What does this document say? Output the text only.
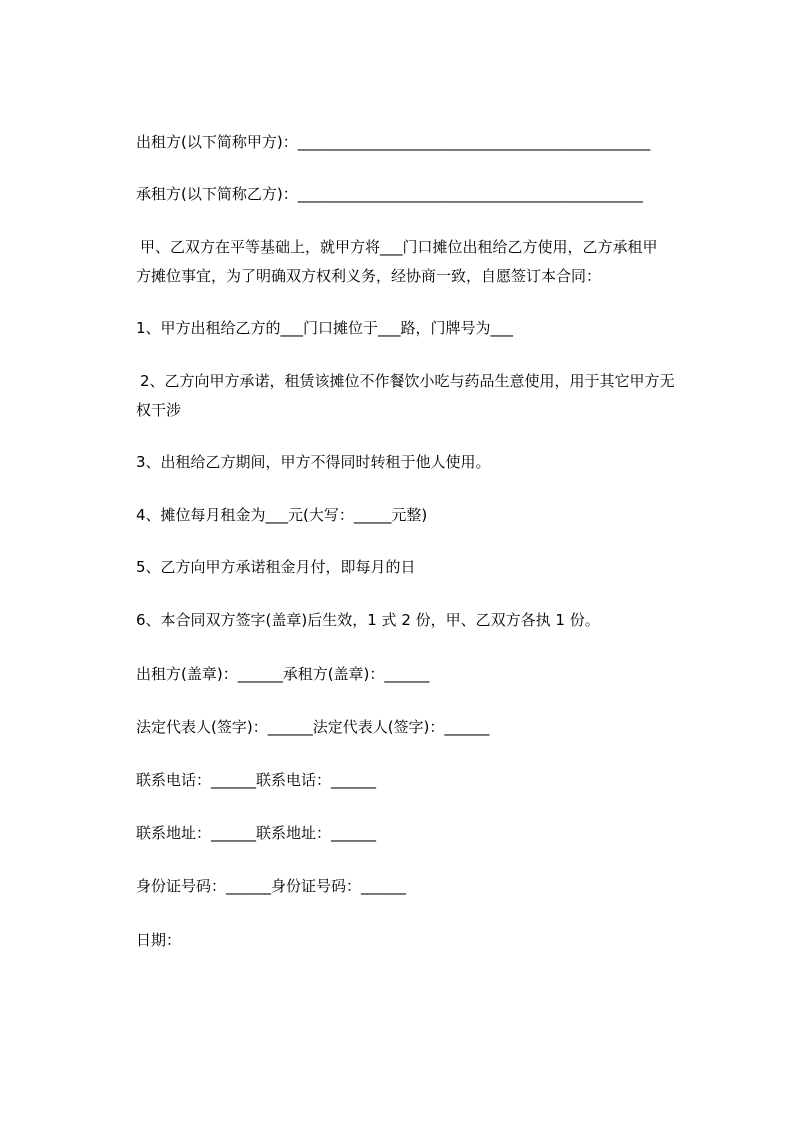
出租方(以下简称甲方)：_______________________________________________
承租方(以下简称乙方)：______________________________________________
甲、乙双方在平等基础上，就甲方将___门口摊位出租给乙方使用，乙方承租甲
方摊位事宜，为了明确双方权利义务，经协商一致，自愿签订本合同：
1、甲方出租给乙方的___门口摊位于___路，门牌号为___
2、乙方向甲方承诺，租赁该摊位不作餐饮小吃与药品生意使用，用于其它甲方无
权干涉
3、出租给乙方期间，甲方不得同时转租于他人使用。
4、摊位每月租金为___元(大写：_____元整)
5、乙方向甲方承诺租金月付，即每月的日
6、本合同双方签字(盖章)后生效，1 式 2 份，甲、乙双方各执 1 份。
出租方(盖章)：______承租方(盖章)：______
法定代表人(签字)：______法定代表人(签字)：______
联系电话：______联系电话：______
联系地址：______联系地址：______
身份证号码：______身份证号码：______
日期：
